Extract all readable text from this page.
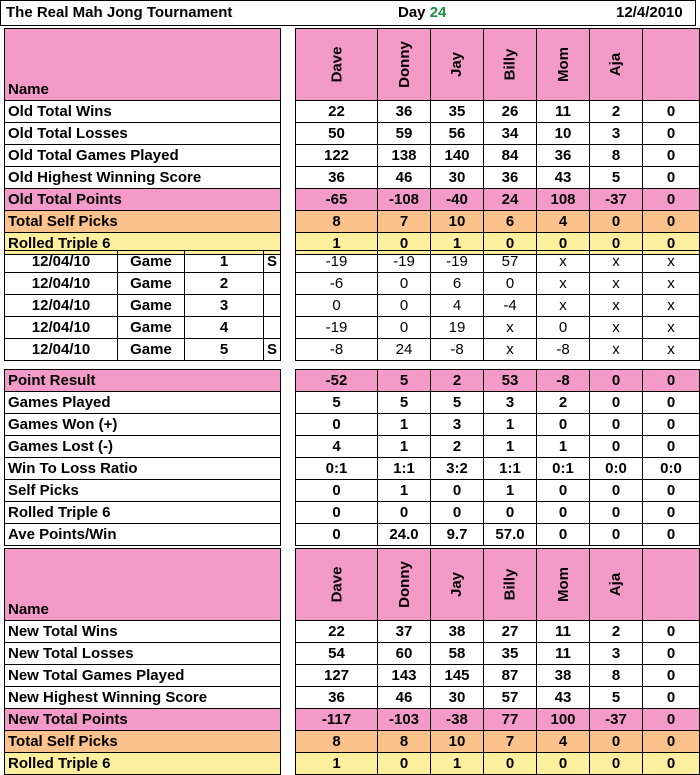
The Real Mah Jong Tournament	Day 24	12/4/2010
Name		Dave	Donny	Jay	Billy	Mom	Aja	
Old Total Wins		22	36	35	26	11	2	0
Old Total Losses		50	59	56	34	10	3	0
Old Total Games Played		122	138	140	84	36	8	0
Old Highest Winning Score		36	46	30	36	43	5	0
Old Total Points		-65	-108	-40	24	108	-37	0
Total Self Picks		8	7	10	6	4	0	0
Rolled Triple 6		1	0	1	0	0	0	0
12/04/10	Game	1	S		-19	-19	-19	57	x	x	x
12/04/10	Game	2			-6	0	6	0	x	x	x
12/04/10	Game	3			0	0	4	-4	x	x	x
12/04/10	Game	4			-19	0	19	x	0	x	x
12/04/10	Game	5	S		-8	24	-8	x	-8	x	x
Point Result		-52	5	2	53	-8	0	0
Games Played		5	5	5	3	2	0	0
Games Won (+)		0	1	3	1	0	0	0
Games Lost (-)		4	1	2	1	1	0	0
Win To Loss Ratio		0:1	1:1	3:2	1:1	0:1	0:0	0:0
Self Picks		0	1	0	1	0	0	0
Rolled Triple 6		0	0	0	0	0	0	0
Ave Points/Win		0	24.0	9.7	57.0	0	0	0
Name		Dave	Donny	Jay	Billy	Mom	Aja	
New Total Wins		22	37	38	27	11	2	0
New Total Losses		54	60	58	35	11	3	0
New Total Games Played		127	143	145	87	38	8	0
New Highest Winning Score		36	46	30	57	43	5	0
New Total Points		-117	-103	-38	77	100	-37	0
Total Self Picks		8	8	10	7	4	0	0
Rolled Triple 6		1	0	1	0	0	0	0
